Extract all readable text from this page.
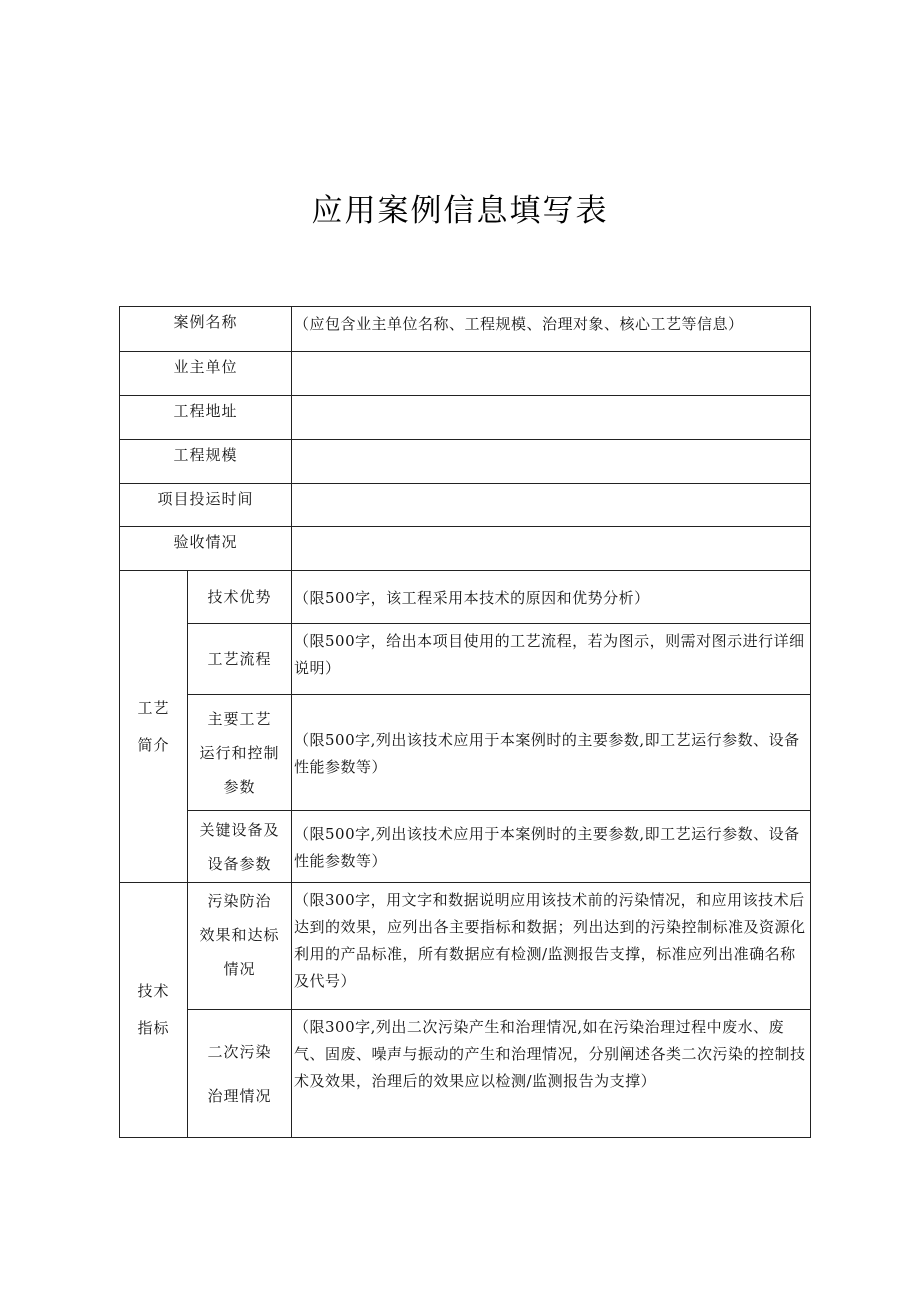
应用案例信息填写表
案例名称		（应包含业主单位名称、工程规模、治理对象、核心工艺等信息）
业主单位		
工程地址		
工程规模		
项目投运时间		
验收情况		

工艺
简介	技术优势	（限500字，该工程采用本技术的原因和优势分析）

	工艺流程	（限500字，给出本项目使用的工艺流程，若为图示，则需对图示进行详细说明）

	主要工艺
运行和控制
参数	（限500字,列出该技术应用于本案例时的主要参数,即工艺运行参数、设备性能参数等）

	关键设备及
设备参数	（限500字,列出该技术应用于本案例时的主要参数,即工艺运行参数、设备性能参数等）

技术
指标	污染防治
效果和达标
情况	（限300字，用文字和数据说明应用该技术前的污染情况，和应用该技术后达到的效果，应列出各主要指标和数据；列出达到的污染控制标准及资源化利用的产品标准，所有数据应有检测/监测报告支撑，标准应列出准确名称及代号）

	二次污染
治理情况	（限300字,列出二次污染产生和治理情况,如在污染治理过程中废水、废气、固废、噪声与振动的产生和治理情况，分别阐述各类二次污染的控制技术及效果，治理后的效果应以检测/监测报告为支撑）
